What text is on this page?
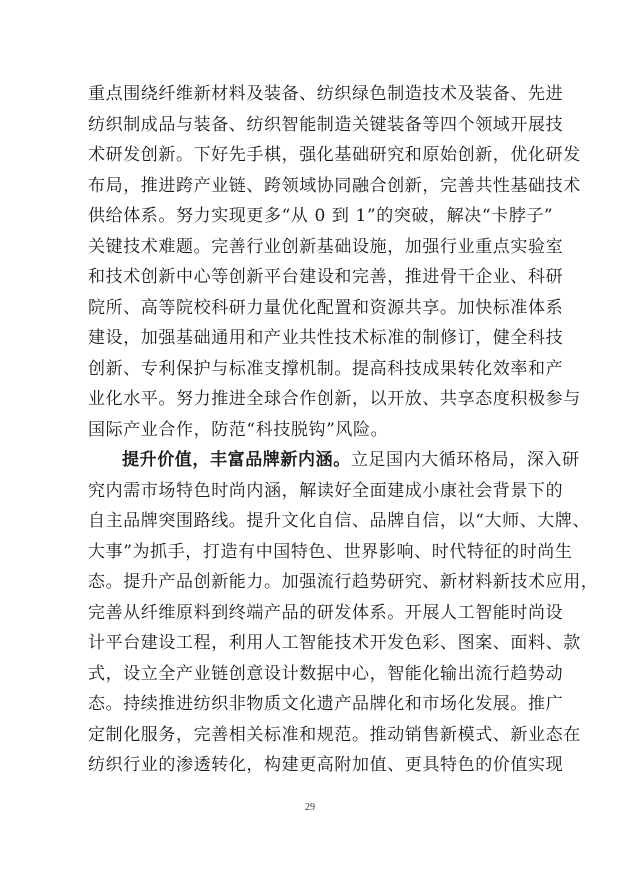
重点围绕纤维新材料及装备、纺织绿色制造技术及装备、先进
纺织制成品与装备、纺织智能制造关键装备等四个领域开展技
术研发创新。下好先手棋，强化基础研究和原始创新，优化研发
布局，推进跨产业链、跨领域协同融合创新，完善共性基础技术
供给体系。努力实现更多“从 0 到 1”的突破，解决“卡脖子”
关键技术难题。完善行业创新基础设施，加强行业重点实验室
和技术创新中心等创新平台建设和完善，推进骨干企业、科研
院所、高等院校科研力量优化配置和资源共享。加快标准体系
建设，加强基础通用和产业共性技术标准的制修订，健全科技
创新、专利保护与标准支撑机制。提高科技成果转化效率和产
业化水平。努力推进全球合作创新，以开放、共享态度积极参与
国际产业合作，防范“科技脱钩”风险。
提升价值，丰富品牌新内涵。立足国内大循环格局，深入研
究内需市场特色时尚内涵，解读好全面建成小康社会背景下的
自主品牌突围路线。提升文化自信、品牌自信，以“大师、大牌、
大事”为抓手，打造有中国特色、世界影响、时代特征的时尚生
态。提升产品创新能力。加强流行趋势研究、新材料新技术应用，
完善从纤维原料到终端产品的研发体系。开展人工智能时尚设
计平台建设工程，利用人工智能技术开发色彩、图案、面料、款
式，设立全产业链创意设计数据中心，智能化输出流行趋势动
态。持续推进纺织非物质文化遗产品牌化和市场化发展。推广
定制化服务，完善相关标准和规范。推动销售新模式、新业态在
纺织行业的渗透转化，构建更高附加值、更具特色的价值实现
29
